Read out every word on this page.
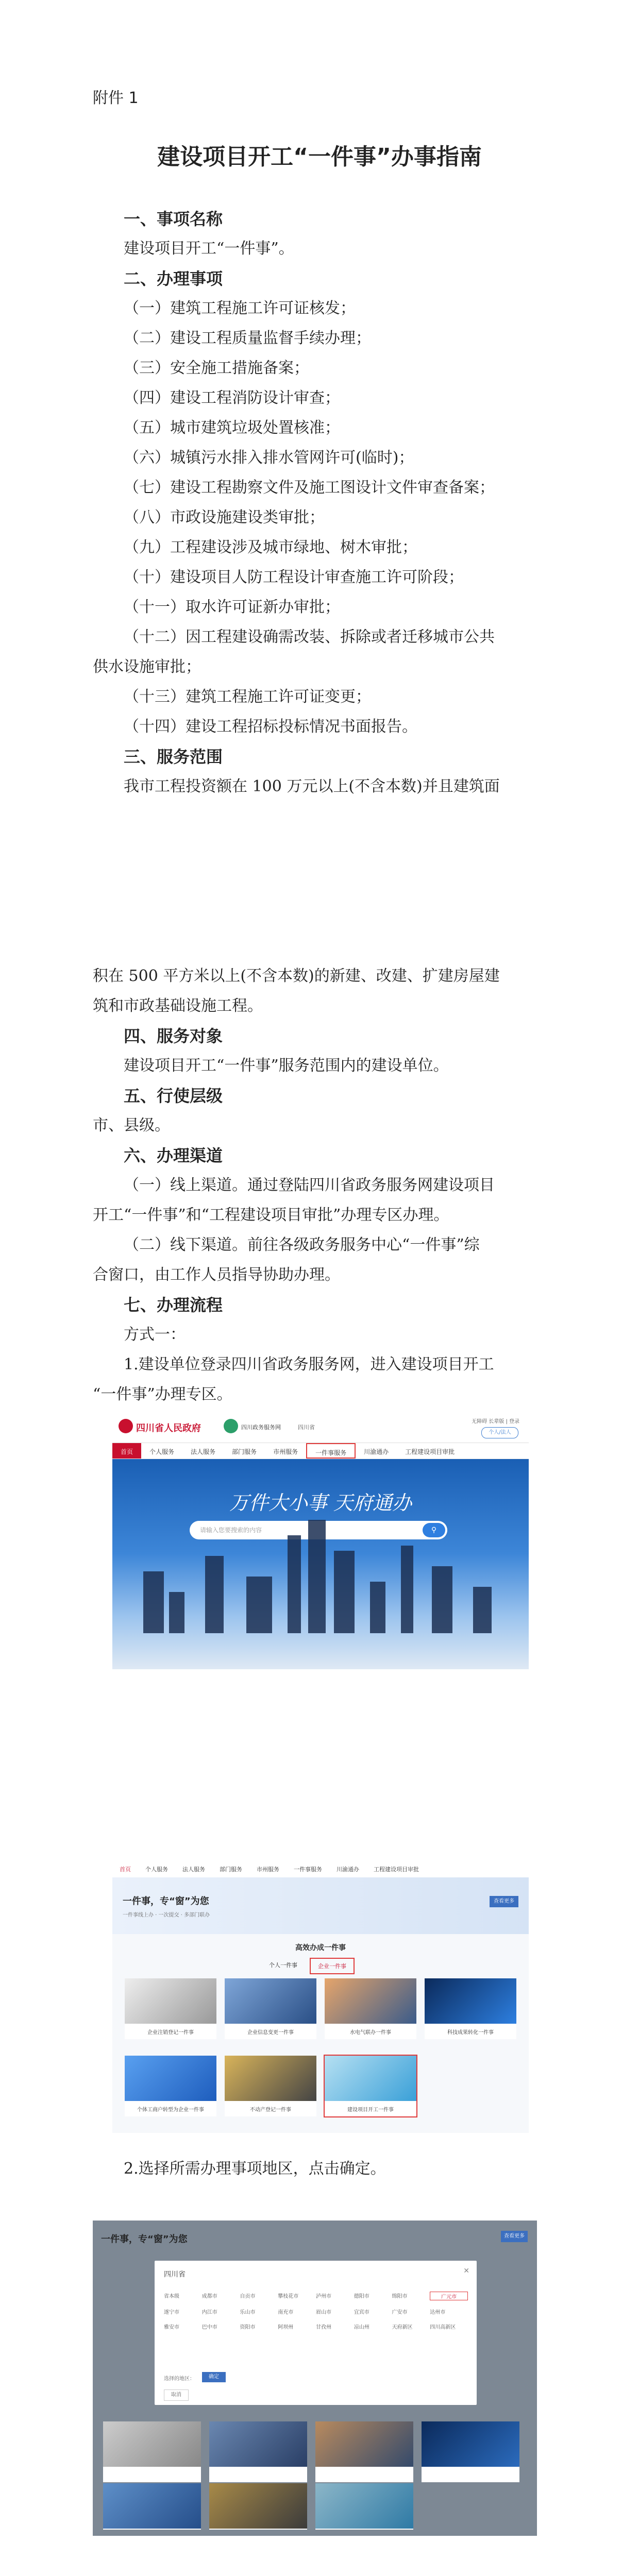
附件 1
建设项目开工“一件事”办事指南
一、事项名称
建设项目开工“一件事”。
二、办理事项
（一）建筑工程施工许可证核发；
（二）建设工程质量监督手续办理；
（三）安全施工措施备案；
（四）建设工程消防设计审查；
（五）城市建筑垃圾处置核准；
（六）城镇污水排入排水管网许可(临时)；
（七）建设工程勘察文件及施工图设计文件审查备案；
（八）市政设施建设类审批；
（九）工程建设涉及城市绿地、树木审批；
（十）建设项目人防工程设计审查施工许可阶段；
（十一）取水许可证新办审批；
（十二）因工程建设确需改装、拆除或者迁移城市公共
供水设施审批；
（十三）建筑工程施工许可证变更；
（十四）建设工程招标投标情况书面报告。
三、服务范围
我市工程投资额在 100 万元以上(不含本数)并且建筑面
积在 500 平方米以上(不含本数)的新建、改建、扩建房屋建
筑和市政基础设施工程。
四、服务对象
建设项目开工“一件事”服务范围内的建设单位。
五、行使层级
市、县级。
六、办理渠道
（一）线上渠道。通过登陆四川省政务服务网建设项目
开工“一件事”和“工程建设项目审批”办理专区办理。
（二）线下渠道。前往各级政务服务中心“一件事”综
合窗口，由工作人员指导协助办理。
七、办理流程
方式一：
四川省人民政府	四川政务服务网	四川省
无障碍 长辈版 | 登录
个人/法人
首页	个人服务	法人服务	部门服务	市州服务	一件事服务	川渝通办	工程建设项目审批
万件大小事 天府通办
请输入您要搜索的内容	⚲
1.建设单位登录四川省政务服务网，进入建设项目开工
“一件事”办理专区。
首页	个人服务	法人服务	部门服务	市州服务	一件事服务	川渝通办	工程建设项目审批
一件事，专“窗”为您
一件事线上办 · 一次提交 · 多部门联办
查看更多
高效办成一件事
个人一件事	企业一件事
企业注销登记一件事	企业信息变更一件事	水电气联办一件事	科技成果转化一件事
个体工商户转型为企业一件事	不动产登记一件事	建设项目开工一件事
2.选择所需办理事项地区，点击确定。
一件事，专“窗”为您	查看更多
四川省	✕
省本级	成都市	自贡市	攀枝花市	泸州市	德阳市	绵阳市	广元市
遂宁市	内江市	乐山市	南充市	眉山市	宜宾市	广安市	达州市
雅安市	巴中市	资阳市	阿坝州	甘孜州	凉山州	天府新区	四川高新区
选择的地区：	确定
取消
